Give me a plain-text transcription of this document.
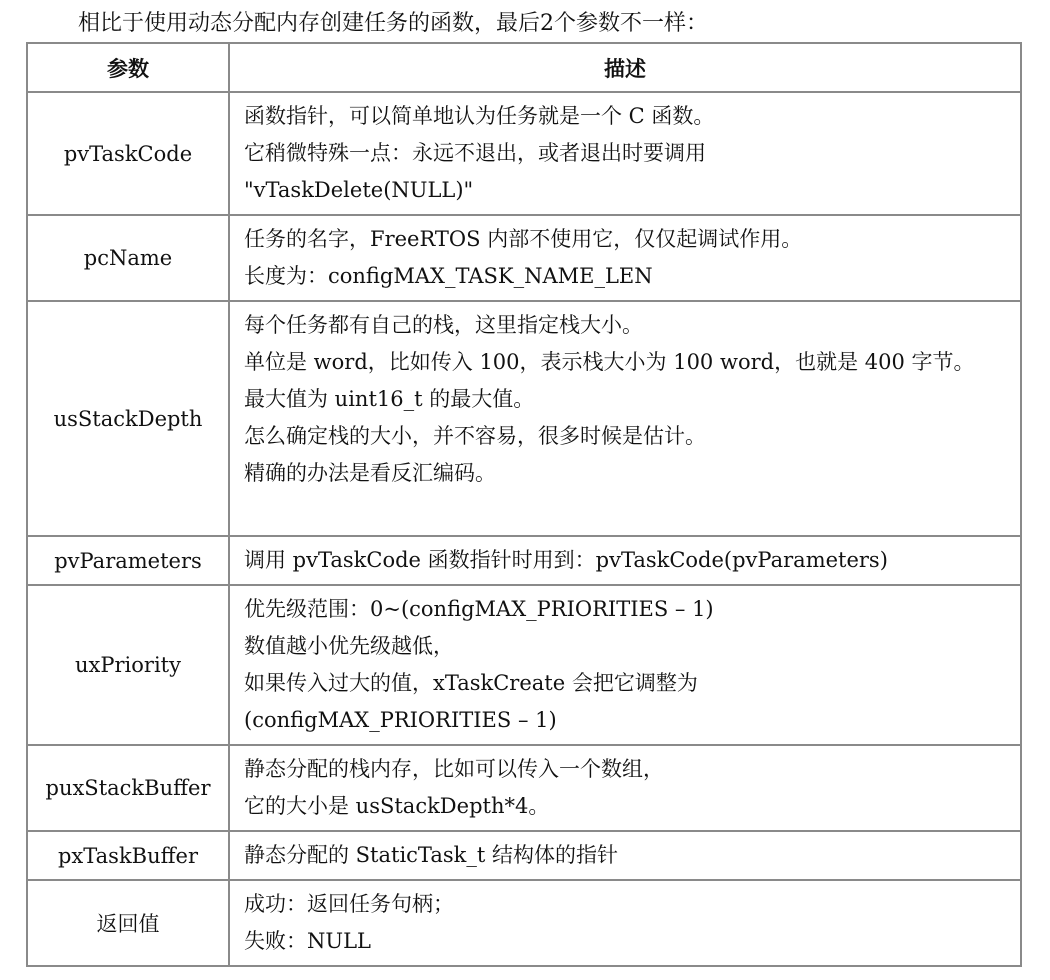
相比于使用动态分配内存创建任务的函数，最后2个参数不一样：
参数	描述
pvTaskCode	函数指针，可以简单地认为任务就是一个 C 函数。
它稍微特殊一点：永远不退出，或者退出时要调用
"vTaskDelete(NULL)"

pcName	任务的名字，FreeRTOS 内部不使用它，仅仅起调试作用。
长度为：configMAX_TASK_NAME_LEN

usStackDepth	每个任务都有自己的栈，这里指定栈大小。
单位是 word，比如传入 100，表示栈大小为 100 word，也就是 400 字节。
最大值为 uint16_t 的最大值。
怎么确定栈的大小，并不容易，很多时候是估计。
精确的办法是看反汇编码。

pvParameters	调用 pvTaskCode 函数指针时用到：pvTaskCode(pvParameters)

uxPriority	优先级范围：0~(configMAX_PRIORITIES – 1)
数值越小优先级越低，
如果传入过大的值，xTaskCreate 会把它调整为
(configMAX_PRIORITIES – 1)

puxStackBuffer	静态分配的栈内存，比如可以传入一个数组，
它的大小是 usStackDepth*4。

pxTaskBuffer	静态分配的 StaticTask_t 结构体的指针

返回值	成功：返回任务句柄；
失败：NULL
